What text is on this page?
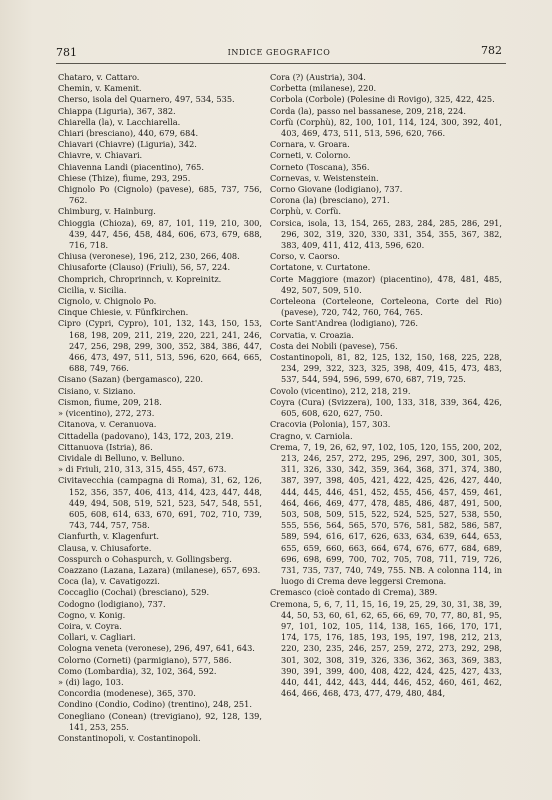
781	INDICE GEOGRAFICO	782
Chataro, v. Cattaro.
Chemin, v. Kamenit.
Cherso, isola del Quarnero, 497, 534, 535.
Chiappa (Liguria), 367, 382.
Chiarella (la), v. Lacchiarella.
Chiari (bresciano), 440, 679, 684.
Chiavari (Chiavre) (Liguria), 342.
Chiavre, v. Chiavari.
Chiavenna Landi (piacentino), 765.
Chiese (Thize), fiume, 293, 295.
Chignolo Po (Cignolo) (pavese), 685, 737, 756, 762.
Chimburg, v. Hainburg.
Chioggia (Chioza), 69, 87, 101, 119, 210, 300, 439, 447, 456, 458, 484, 606, 673, 679, 688, 716, 718.
Chiusa (veronese), 196, 212, 230, 266, 408.
Chiusaforte (Clauso) (Friuli), 56, 57, 224.
Chomprich, Chroprinnch, v. Kopreinitz.
Cicilia, v. Sicilia.
Cignolo, v. Chignolo Po.
Cinque Chiesie, v. Fünfkirchen.
Cipro (Cypri, Cypro), 101, 132, 143, 150, 153, 168, 198, 209, 211, 219, 220, 221, 241, 246, 247, 256, 298, 299, 300, 352, 384, 386, 447, 466, 473, 497, 511, 513, 596, 620, 664, 665, 688, 749, 766.
Cisano (Sazan) (bergamasco), 220.
Cisiano, v. Siziano.
Cismon, fiume, 209, 218.
» (vicentino), 272, 273.
Citanova, v. Ceranuova.
Cittadella (padovano), 143, 172, 203, 219.
Cittanuova (Istria), 86.
Cividale di Belluno, v. Belluno.
» di Friuli, 210, 313, 315, 455, 457, 673.
Civitavecchia (campagna di Roma), 31, 62, 126, 152, 356, 357, 406, 413, 414, 423, 447, 448, 449, 494, 508, 519, 521, 523, 547, 548, 551, 605, 608, 614, 633, 670, 691, 702, 710, 739, 743, 744, 757, 758.
Cianfurth, v. Klagenfurt.
Clausa, v. Chiusaforte.
Cosspurch o Cohaspurch, v. Gollingsberg.
Coazzano (Lazana, Lazara) (milanese), 657, 693.
Coca (la), v. Cavatigozzi.
Coccaglio (Cochai) (bresciano), 529.
Codogno (lodigiano), 737.
Cogno, v. Konig.
Coira, v. Coyra.
Collari, v. Cagliari.
Cologna veneta (veronese), 296, 497, 641, 643.
Colorno (Corneti) (parmigiano), 577, 586.
Como (Lombardia), 32, 102, 364, 592.
» (di) lago, 103.
Concordia (modenese), 365, 370.
Condino (Condio, Codino) (trentino), 248, 251.
Conegliano (Conean) (trevigiano), 92, 128, 139, 141, 253, 255.
Constantinopoli, v. Costantinopoli.
Cora (?) (Austria), 304.
Corbetta (milanese), 220.
Corbola (Corbole) (Polesine di Rovigo), 325, 422, 425.
Corda (la), passo nel bassanese, 209, 218, 224.
Corfù (Corphù), 82, 100, 101, 114, 124, 300, 392, 401, 403, 469, 473, 511, 513, 596, 620, 766.
Cornara, v. Groara.
Corneti, v. Colorno.
Corneto (Toscana), 356.
Cornevas, v. Weistenstein.
Corno Giovane (lodigiano), 737.
Corona (la) (bresciano), 271.
Corphù, v. Corfù.
Corsica, isola, 13, 154, 265, 283, 284, 285, 286, 291, 296, 302, 319, 320, 330, 331, 354, 355, 367, 382, 383, 409, 411, 412, 413, 596, 620.
Corso, v. Caorso.
Cortatone, v. Curtatone.
Corte Maggiore (mazor) (piacentino), 478, 481, 485, 492, 507, 509, 510.
Corteleona (Corteleone, Corteleona, Corte del Rio) (pavese), 720, 742, 760, 764, 765.
Corte Sant'Andrea (lodigiano), 726.
Corvatia, v. Croazia.
Costa dei Nobili (pavese), 756.
Costantinopoli, 81, 82, 125, 132, 150, 168, 225, 228, 234, 299, 322, 323, 325, 398, 409, 415, 473, 483, 537, 544, 594, 596, 599, 670, 687, 719, 725.
Covolo (vicentino), 212, 218, 219.
Coyra (Cura) (Svizzera), 100, 133, 318, 339, 364, 426, 605, 608, 620, 627, 750.
Cracovia (Polonia), 157, 303.
Cragno, v. Carniola.
Crema, 7, 19, 26, 62, 97, 102, 105, 120, 155, 200, 202, 213, 246, 257, 272, 295, 296, 297, 300, 301, 305, 311, 326, 330, 342, 359, 364, 368, 371, 374, 380, 387, 397, 398, 405, 421, 422, 425, 426, 427, 440, 444, 445, 446, 451, 452, 455, 456, 457, 459, 461, 464, 466, 469, 477, 478, 485, 486, 487, 491, 500, 503, 508, 509, 515, 522, 524, 525, 527, 538, 550, 555, 556, 564, 565, 570, 576, 581, 582, 586, 587, 589, 594, 616, 617, 626, 633, 634, 639, 644, 653, 655, 659, 660, 663, 664, 674, 676, 677, 684, 689, 696, 698, 699, 700, 702, 705, 708, 711, 719, 726, 731, 735, 737, 740, 749, 755. NB. A colonna 114, in luogo di Crema deve leggersi Cremona.
Cremasco (cioè contado di Crema), 389.
Cremona, 5, 6, 7, 11, 15, 16, 19, 25, 29, 30, 31, 38, 39, 44, 50, 53, 60, 61, 62, 65, 66, 69, 70, 77, 80, 81, 95, 97, 101, 102, 105, 114, 138, 165, 166, 170, 171, 174, 175, 176, 185, 193, 195, 197, 198, 212, 213, 220, 230, 235, 246, 257, 259, 272, 273, 292, 298, 301, 302, 308, 319, 326, 336, 362, 363, 369, 383, 390, 391, 399, 400, 408, 422, 424, 425, 427, 433, 440, 441, 442, 443, 444, 446, 452, 460, 461, 462, 464, 466, 468, 473, 477, 479, 480, 484,
